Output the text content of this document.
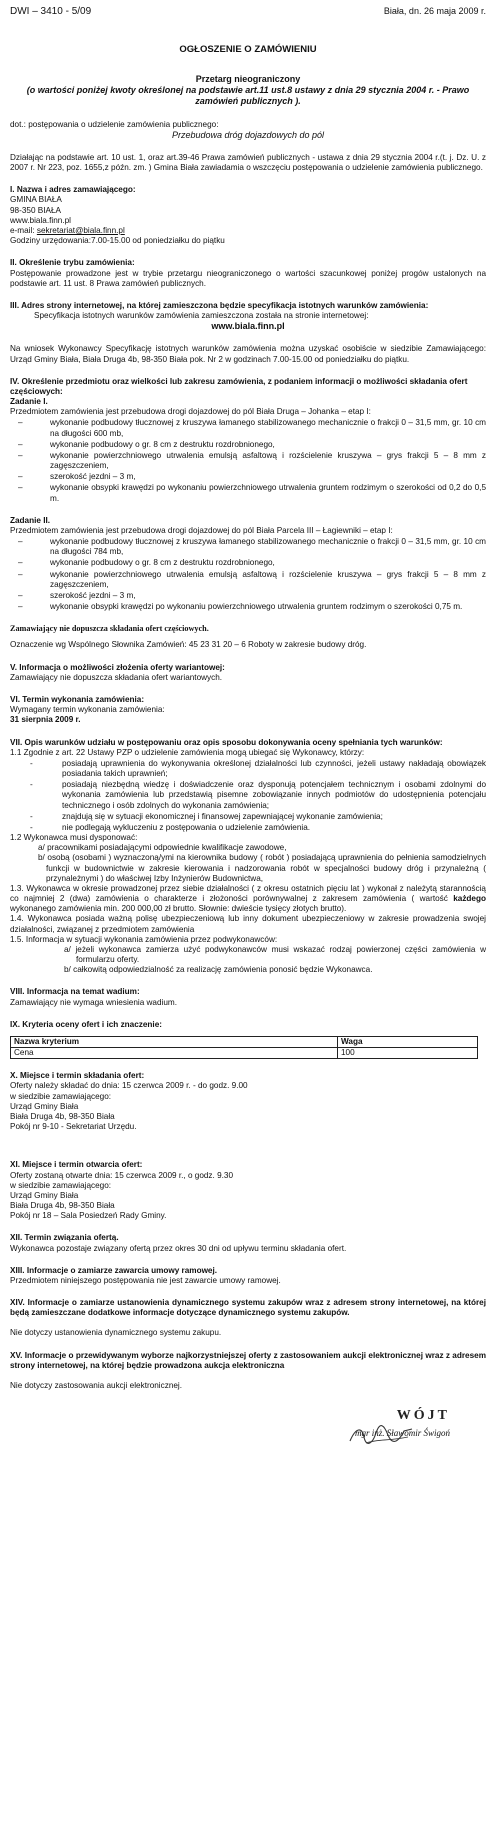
DWI – 3410 - 5/09	Biała, dn. 26 maja 2009 r.
OGŁOSZENIE O ZAMÓWIENIU
Przetarg nieograniczony
(o wartości poniżej kwoty określonej na podstawie art.11 ust.8 ustawy z dnia 29 stycznia 2004 r. - Prawo zamówień publicznych ).
dot.: postępowania o udzielenie zamówienia publicznego:
Przebudowa dróg dojazdowych do pól

Działając na podstawie art. 10 ust. 1, oraz art.39-46 Prawa zamówień publicznych - ustawa z dnia 29 stycznia 2004 r.(t. j. Dz. U. z 2007 r. Nr 223, poz. 1655,z późn. zm. ) Gmina Biała zawiadamia o wszczęciu postępowania o udzielenie zamówienia publicznego.

I. Nazwa i adres zamawiającego:
GMINA BIAŁA
98-350 BIAŁA
www.biala.finn.pl
e-mail: sekretariat@biala.finn.pl
Godziny urzędowania:7.00-15.00 od poniedziałku do piątku
II. Określenie trybu zamówienia:

Postępowanie prowadzone jest w trybie przetargu nieograniczonego o wartości szacunkowej poniżej progów ustalonych na podstawie art. 11 ust. 8 Prawa zamówień publicznych.

III. Adres strony internetowej, na której zamieszczona będzie specyfikacja istotnych warunków zamówienia:
Specyfikacja istotnych warunków zamówienia zamieszczona została na stronie internetowej:
www.biala.finn.pl

Na wniosek Wykonawcy Specyfikację istotnych warunków zamówienia można uzyskać osobiście w siedzibie Zamawiającego: Urząd Gminy Biała, Biała Druga 4b, 98-350 Biała pok. Nr 2 w godzinach 7.00-15.00 od poniedziałku do piątku.

IV. Określenie przedmiotu oraz wielkości lub zakresu zamówienia, z podaniem informacji o możliwości składania ofert częściowych:
Zadanie I.
Przedmiotem zamówienia jest przebudowa drogi dojazdowej do pól Biała Druga – Johanka – etap I:
–	wykonanie podbudowy tłucznowej z kruszywa łamanego stabilizowanego mechanicznie o frakcji 0 – 31,5 mm, gr. 10 cm na długości 600 mb,
–	wykonanie podbudowy o gr. 8 cm z destruktu rozdrobnionego,
–	wykonanie powierzchniowego utrwalenia emulsją asfaltową i rozścielenie kruszywa – grys frakcji 5 – 8 mm z zagęszczeniem,
–	szerokość jezdni – 3 m,
–	wykonanie obsypki krawędzi po wykonaniu powierzchniowego utrwalenia gruntem rodzimym o szerokości od 0,2 do 0,5 m.
Zadanie II.
Przedmiotem zamówienia jest przebudowa drogi dojazdowej do pól Biała Parcela III – Łagiewniki – etap I:
–	wykonanie podbudowy tłucznowej z kruszywa łamanego stabilizowanego mechanicznie o frakcji 0 – 31,5 mm, gr. 10 cm na długości 784 mb,
–	wykonanie podbudowy o gr. 8 cm z destruktu rozdrobnionego,
–	wykonanie powierzchniowego utrwalenia emulsją asfaltową i rozścielenie kruszywa – grys frakcji 5 – 8 mm z zagęszczeniem,
–	szerokość jezdni – 3 m,
–	wykonanie obsypki krawędzi po wykonaniu powierzchniowego utrwalenia gruntem rodzimym o szerokości 0,75 m.
Zamawiający nie dopuszcza składania ofert częściowych.
Oznaczenie wg Wspólnego Słownika Zamówień: 45 23 31 20 – 6 Roboty w zakresie budowy dróg.
V. Informacja o możliwości złożenia oferty wariantowej:
Zamawiający nie dopuszcza składania ofert wariantowych.
VI. Termin wykonania zamówienia:
Wymagany termin wykonania zamówienia:
31 sierpnia 2009 r.
VII. Opis warunków udziału w postępowaniu oraz opis sposobu dokonywania oceny spełniania tych warunków:
1.1 Zgodnie z art. 22 Ustawy PZP o udzielenie zamówienia mogą ubiegać się Wykonawcy, którzy:
-	posiadają uprawnienia do wykonywania określonej działalności lub czynności, jeżeli ustawy nakładają obowiązek posiadania takich uprawnień;
-	posiadają niezbędną wiedzę i doświadczenie oraz dysponują potencjałem technicznym i osobami zdolnymi do wykonania zamówienia lub przedstawią pisemne zobowiązanie innych podmiotów do udostępnienia potencjału technicznego i osób zdolnych do wykonania zamówienia;
-	znajdują się w sytuacji ekonomicznej i finansowej zapewniającej wykonanie zamówienia;
-	nie podlegają wykluczeniu z postępowania o udzielenie zamówienia.
1.2 Wykonawca musi dysponować:

a/ pracownikami posiadającymi odpowiednie kwalifikacje zawodowe,

b/ osobą (osobami ) wyznaczoną/ymi na kierownika budowy ( robót ) posiadającą uprawnienia do pełnienia samodzielnych funkcji w budownictwie w zakresie kierowania i nadzorowania robót w specjalności budowy dróg i przynależną ( przynależnymi ) do właściwej Izby Inżynierów Budownictwa,

1.3. Wykonawca w okresie prowadzonej przez siebie działalności ( z okresu ostatnich pięciu lat ) wykonał z należytą starannością co najmniej 2 (dwa) zamówienia o charakterze i złożoności porównywalnej z zakresem zamówienia ( wartość każdego wykonanego zamówienia min. 200 000,00 zł brutto. Słownie: dwieście tysięcy złotych brutto).

1.4. Wykonawca posiada ważną polisę ubezpieczeniową lub inny dokument ubezpieczeniowy w zakresie prowadzenia swojej działalności, związanej z przedmiotem zamówienia

1.5. Informacja w sytuacji wykonania zamówienia przez podwykonawców:

a/ jeżeli wykonawca zamierza użyć podwykonawców musi wskazać rodzaj powierzonej części zamówienia w formularzu oferty.

b/ całkowitą odpowiedzialność za realizację zamówienia ponosić będzie Wykonawca.

VIII. Informacja na temat wadium:
Zamawiający nie wymaga wniesienia wadium.
IX. Kryteria oceny ofert i ich znaczenie:
Nazwa kryterium	Waga
Cena	100
X. Miejsce i termin składania ofert:
Oferty należy składać do dnia: 15 czerwca 2009 r. - do godz. 9.00
w siedzibie zamawiającego:
Urząd Gminy Biała
Biała Druga 4b, 98-350 Biała
Pokój nr 9-10 - Sekretariat Urzędu.
XI. Miejsce i termin otwarcia ofert:
Oferty zostaną otwarte dnia: 15 czerwca 2009 r., o godz. 9.30
w siedzibie zamawiającego:
Urząd Gminy Biała
Biała Druga 4b, 98-350 Biała
Pokój nr 18 – Sala Posiedzeń Rady Gminy.
XII. Termin związania ofertą.
Wykonawca pozostaje związany ofertą przez okres 30 dni od upływu terminu składania ofert.
XIII. Informacje o zamiarze zawarcia umowy ramowej.
Przedmiotem niniejszego postępowania nie jest zawarcie umowy ramowej.

XIV. Informacje o zamiarze ustanowienia dynamicznego systemu zakupów wraz z adresem strony internetowej, na której będą zamieszczane dodatkowe informacje dotyczące dynamicznego systemu zakupów.

Nie dotyczy ustanowienia dynamicznego systemu zakupu.

XV. Informacje o przewidywanym wyborze najkorzystniejszej oferty z zastosowaniem aukcji elektronicznej wraz z adresem strony internetowej, na której będzie prowadzona aukcja elektroniczna

Nie dotyczy zastosowania aukcji elektronicznej.
WÓJT
mgr inż. Sławomir Świgoń
